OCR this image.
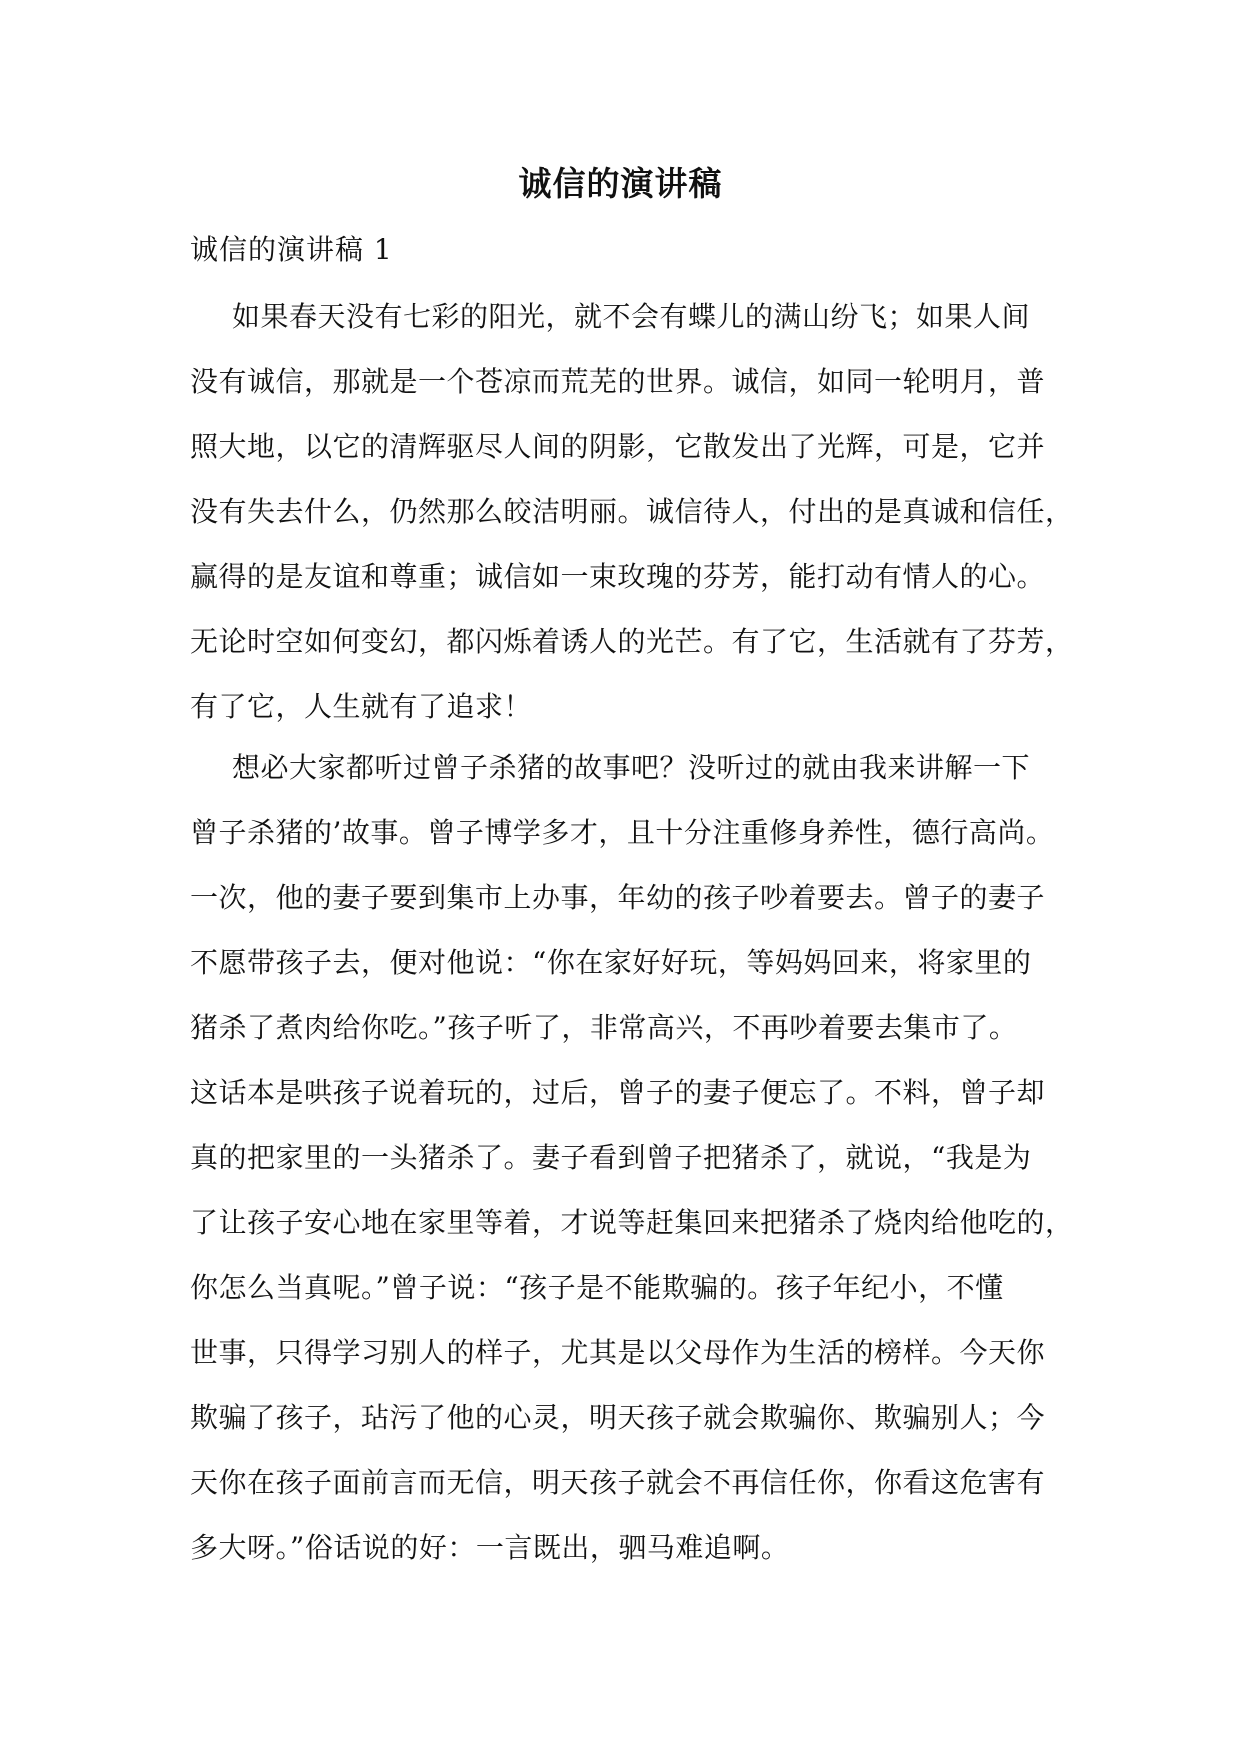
诚信的演讲稿
诚信的演讲稿 1
如果春天没有七彩的阳光，就不会有蝶儿的满山纷飞；如果人间
没有诚信，那就是一个苍凉而荒芜的世界。诚信，如同一轮明月，普
照大地，以它的清辉驱尽人间的阴影，它散发出了光辉，可是，它并
没有失去什么，仍然那么皎洁明丽。诚信待人，付出的是真诚和信任，
赢得的是友谊和尊重；诚信如一束玫瑰的芬芳，能打动有情人的心。
无论时空如何变幻，都闪烁着诱人的光芒。有了它，生活就有了芬芳，
有了它，人生就有了追求！
想必大家都听过曾子杀猪的故事吧？没听过的就由我来讲解一下
曾子杀猪的’故事。曾子博学多才，且十分注重修身养性，德行高尚。
一次，他的妻子要到集市上办事，年幼的孩子吵着要去。曾子的妻子
不愿带孩子去，便对他说：“你在家好好玩，等妈妈回来，将家里的
猪杀了煮肉给你吃。”孩子听了，非常高兴，不再吵着要去集市了。
这话本是哄孩子说着玩的，过后，曾子的妻子便忘了。不料，曾子却
真的把家里的一头猪杀了。妻子看到曾子把猪杀了，就说，“我是为
了让孩子安心地在家里等着，才说等赶集回来把猪杀了烧肉给他吃的，
你怎么当真呢。”曾子说：“孩子是不能欺骗的。孩子年纪小，不懂
世事，只得学习别人的样子，尤其是以父母作为生活的榜样。今天你
欺骗了孩子，玷污了他的心灵，明天孩子就会欺骗你、欺骗别人；今
天你在孩子面前言而无信，明天孩子就会不再信任你，你看这危害有
多大呀。”俗话说的好：一言既出，驷马难追啊。
